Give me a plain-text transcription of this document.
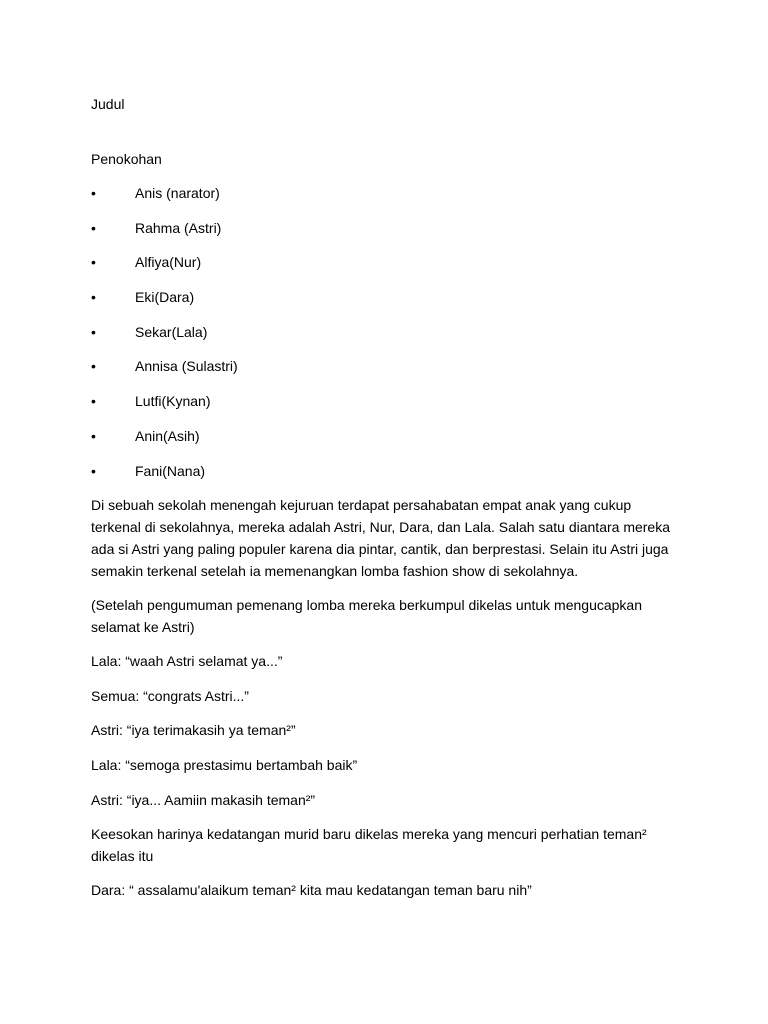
Judul

Penokohan

•	Anis (narator)
•	Rahma (Astri)
•	Alfiya(Nur)
•	Eki(Dara)
•	Sekar(Lala)
•	Annisa (Sulastri)
•	Lutfi(Kynan)
•	Anin(Asih)
•	Fani(Nana)

Di sebuah sekolah menengah kejuruan terdapat persahabatan empat anak yang cukup terkenal di sekolahnya, mereka adalah Astri, Nur, Dara, dan Lala. Salah satu diantara mereka ada si Astri yang paling populer karena dia pintar, cantik, dan berprestasi. Selain itu Astri juga semakin terkenal setelah ia memenangkan lomba fashion show di sekolahnya.

(Setelah pengumuman pemenang lomba mereka berkumpul dikelas untuk mengucapkan selamat ke Astri)

Lala: “waah Astri selamat ya...”

Semua: “congrats Astri...”

Astri: “iya terimakasih ya teman²”

Lala: “semoga prestasimu bertambah baik”

Astri: “iya... Aamiin makasih teman²”

Keesokan harinya kedatangan murid baru dikelas mereka yang mencuri perhatian teman² dikelas itu

Dara: “ assalamu'alaikum teman² kita mau kedatangan teman baru nih”
